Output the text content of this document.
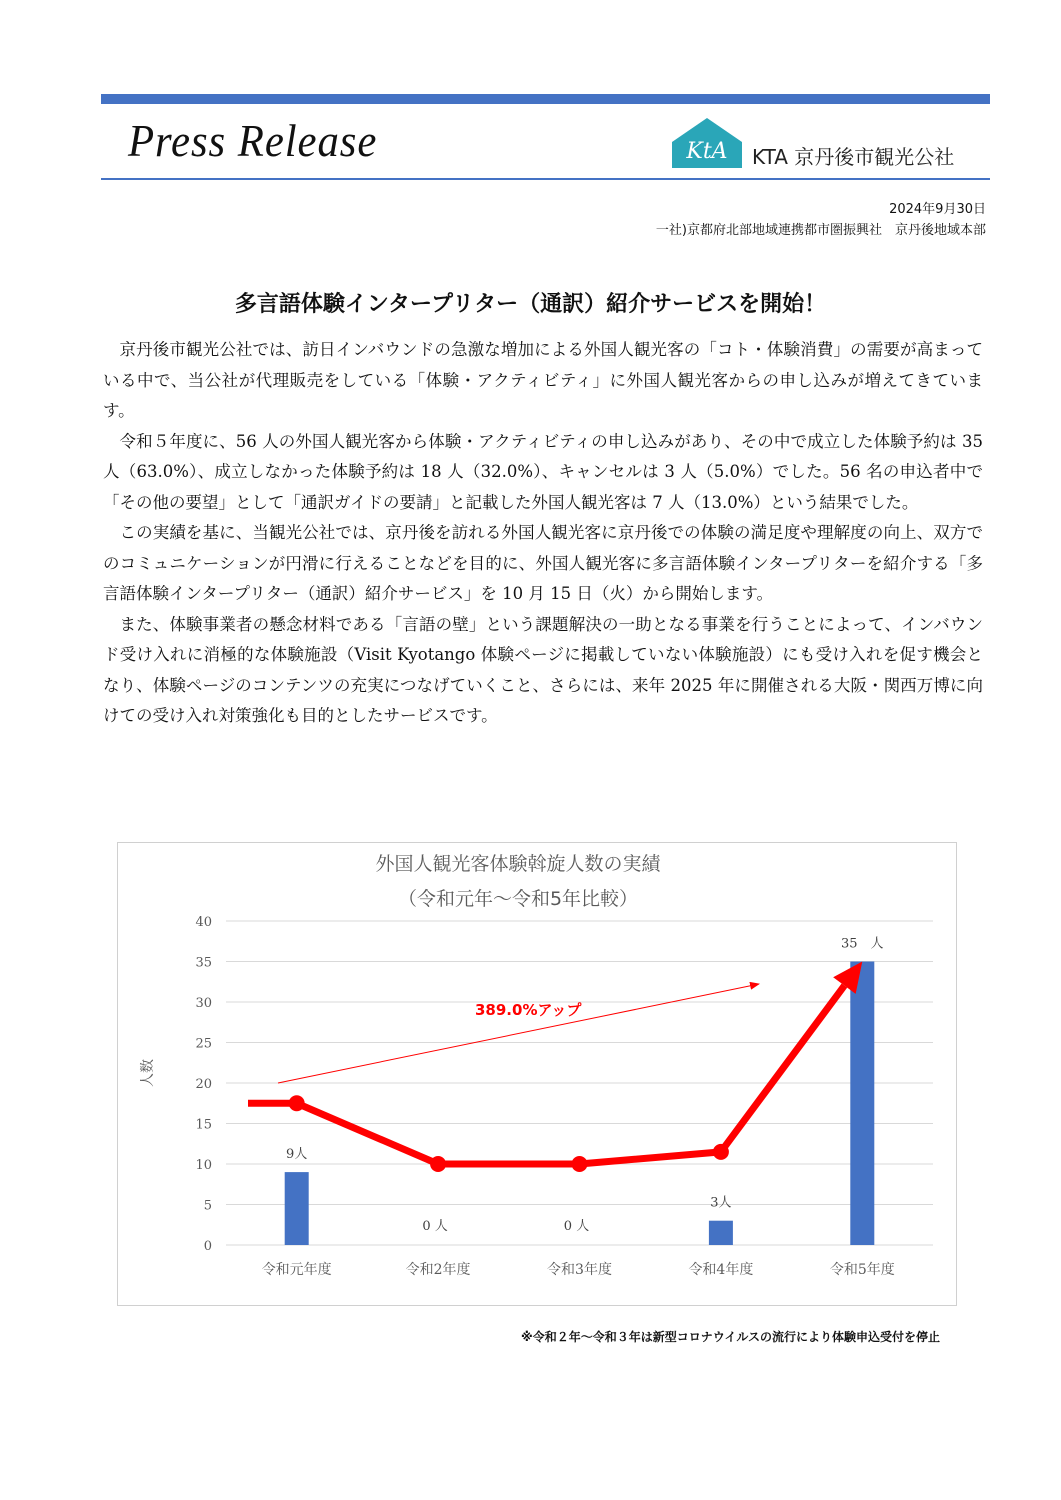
Press Release	KtA KTA 京丹後市観光公社
2024年9月30日
一社)京都府北部地域連携都市圏振興社　京丹後地域本部
多言語体験インタープリター（通訳）紹介サービスを開始！

京丹後市観光公社では、訪日インバウンドの急激な増加による外国人観光客の「コト・体験消費」の需要が高まっている中で、当公社が代理販売をしている「体験・アクティビティ」に外国人観光客からの申し込みが増えてきています。

令和５年度に、56 人の外国人観光客から体験・アクティビティの申し込みがあり、その中で成立した体験予約は 35 人（63.0%）、成立しなかった体験予約は 18 人（32.0%）、キャンセルは 3 人（5.0%）でした。56 名の申込者中で「その他の要望」として「通訳ガイドの要請」と記載した外国人観光客は 7 人（13.0%）という結果でした。

この実績を基に、当観光公社では、京丹後を訪れる外国人観光客に京丹後での体験の満足度や理解度の向上、双方でのコミュニケーションが円滑に行えることなどを目的に、外国人観光客に多言語体験インタープリターを紹介する「多言語体験インタープリター（通訳）紹介サービス」を 10 月 15 日（火）から開始します。

また、体験事業者の懸念材料である「言語の壁」という課題解決の一助となる事業を行うことによって、インバウンド受け入れに消極的な体験施設（Visit Kyotango 体験ページに掲載していない体験施設）にも受け入れを促す機会となり、体験ページのコンテンツの充実につなげていくこと、さらには、来年 2025 年に開催される大阪・関西万博に向けての受け入れ対策強化も目的としたサービスです。

外国人観光客体験斡旋人数の実績
（令和元年～令和5年比較）
人数
0
5
10
15
20
25
30
35
40
9人
令和元年度
0 人
令和2年度
0 人
令和3年度
3人
令和4年度
35　人
令和5年度
389.0%アップ
※令和２年～令和３年は新型コロナウイルスの流行により体験申込受付を停止
